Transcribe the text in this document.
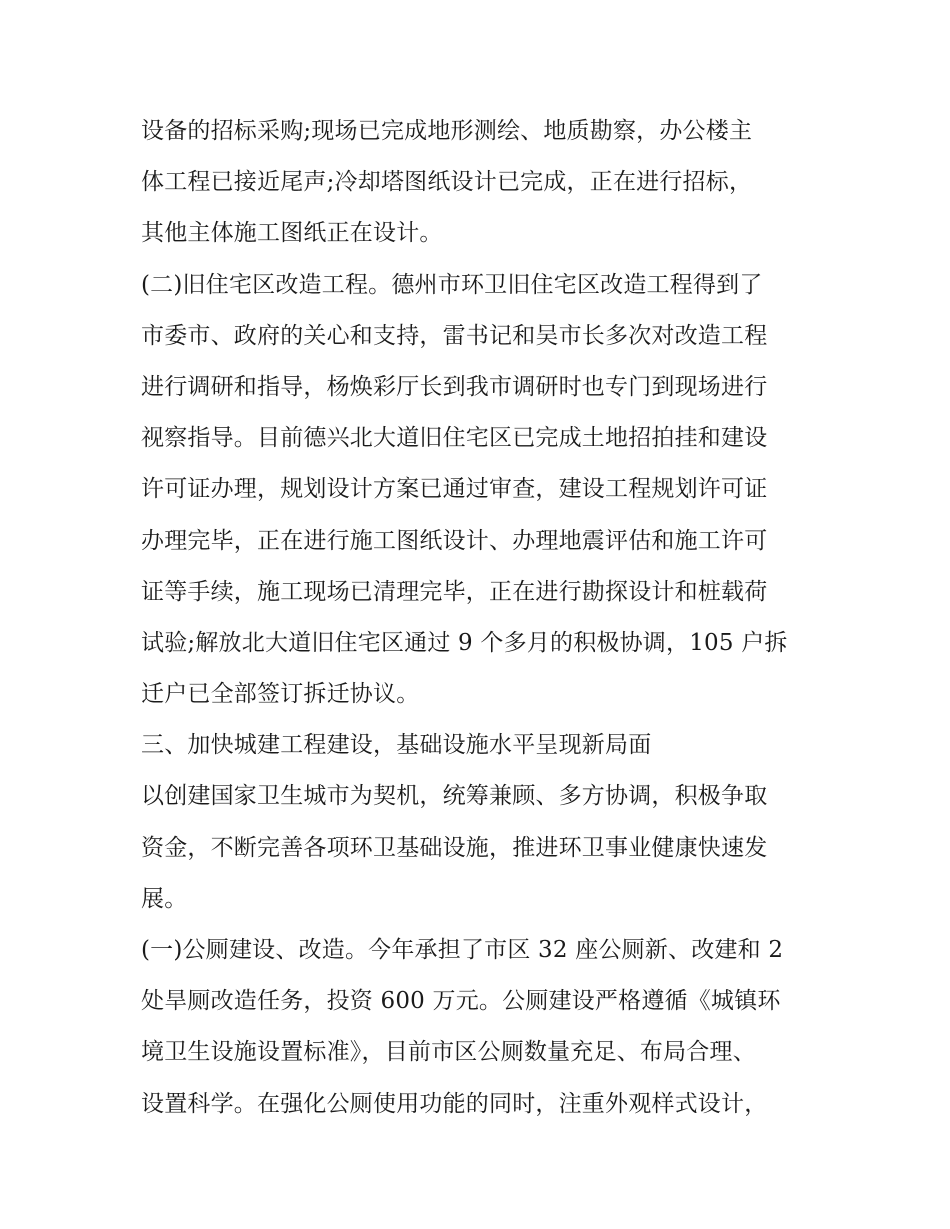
设备的招标采购;现场已完成地形测绘、地质勘察，办公楼主
体工程已接近尾声;冷却塔图纸设计已完成，正在进行招标，
其他主体施工图纸正在设计。
(二)旧住宅区改造工程。德州市环卫旧住宅区改造工程得到了
市委市、政府的关心和支持，雷书记和吴市长多次对改造工程
进行调研和指导，杨焕彩厅长到我市调研时也专门到现场进行
视察指导。目前德兴北大道旧住宅区已完成土地招拍挂和建设
许可证办理，规划设计方案已通过审查，建设工程规划许可证
办理完毕，正在进行施工图纸设计、办理地震评估和施工许可
证等手续，施工现场已清理完毕，正在进行勘探设计和桩载荷
试验;解放北大道旧住宅区通过 9 个多月的积极协调，105 户拆
迁户已全部签订拆迁协议。
三、加快城建工程建设，基础设施水平呈现新局面
以创建国家卫生城市为契机，统筹兼顾、多方协调，积极争取
资金，不断完善各项环卫基础设施，推进环卫事业健康快速发
展。
(一)公厕建设、改造。今年承担了市区 32 座公厕新、改建和 2
处旱厕改造任务，投资 600 万元。公厕建设严格遵循《城镇环
境卫生设施设置标准》，目前市区公厕数量充足、布局合理、
设置科学。在强化公厕使用功能的同时，注重外观样式设计，
